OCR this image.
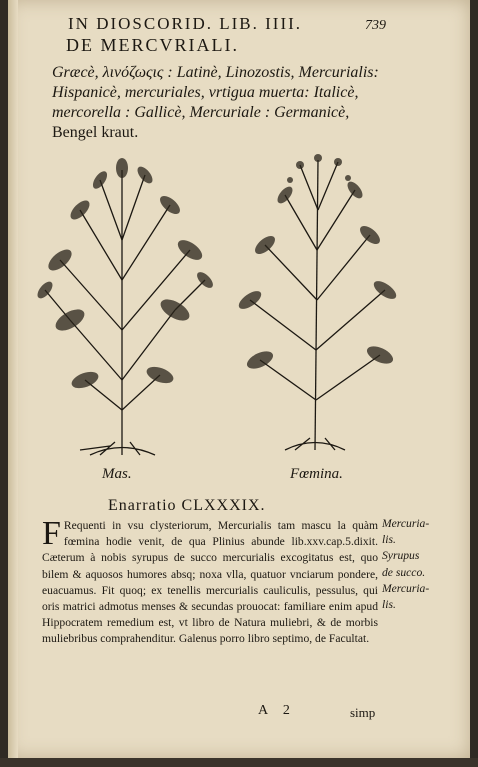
IN DIOSCORID. LIB. IIII.	739
DE MERCVRIALI.
Græcè, λινόζωςις : Latinè, Linozostis, Mercurialis:
Hispanicè, mercuriales, vrtigua muerta: Italicè,
mercorella : Gallicè, Mercuriale : Germanicè,
Bengel kraut.
Mas.	Fœmina.
Enarratio CLXXXIX.
F Requenti in vsu clysteriorum, Mercurialis tam mascu la quàm fœmina hodie venit, de qua Plinius abunde lib.xxv.cap.5.dixit. Cæterum à nobis syrupus de succo mercurialis excogitatus est, quo bilem & aquosos humores absq; noxa vlla, quatuor vnciarum pondere, euacuamus. Fit quoq; ex tenellis mercurialis cauliculis, pessulus, qui oris matrici admotus menses & secundas prouocat: familiare enim apud Hippocratem remedium est, vt libro de Natura muliebri, & de morbis muliebribus comprahenditur. Galenus porro libro septimo, de Facultat.
Mercuria-
lis.
Syrupus
de succo.
Mercuria-
lis.
A 2	simp
